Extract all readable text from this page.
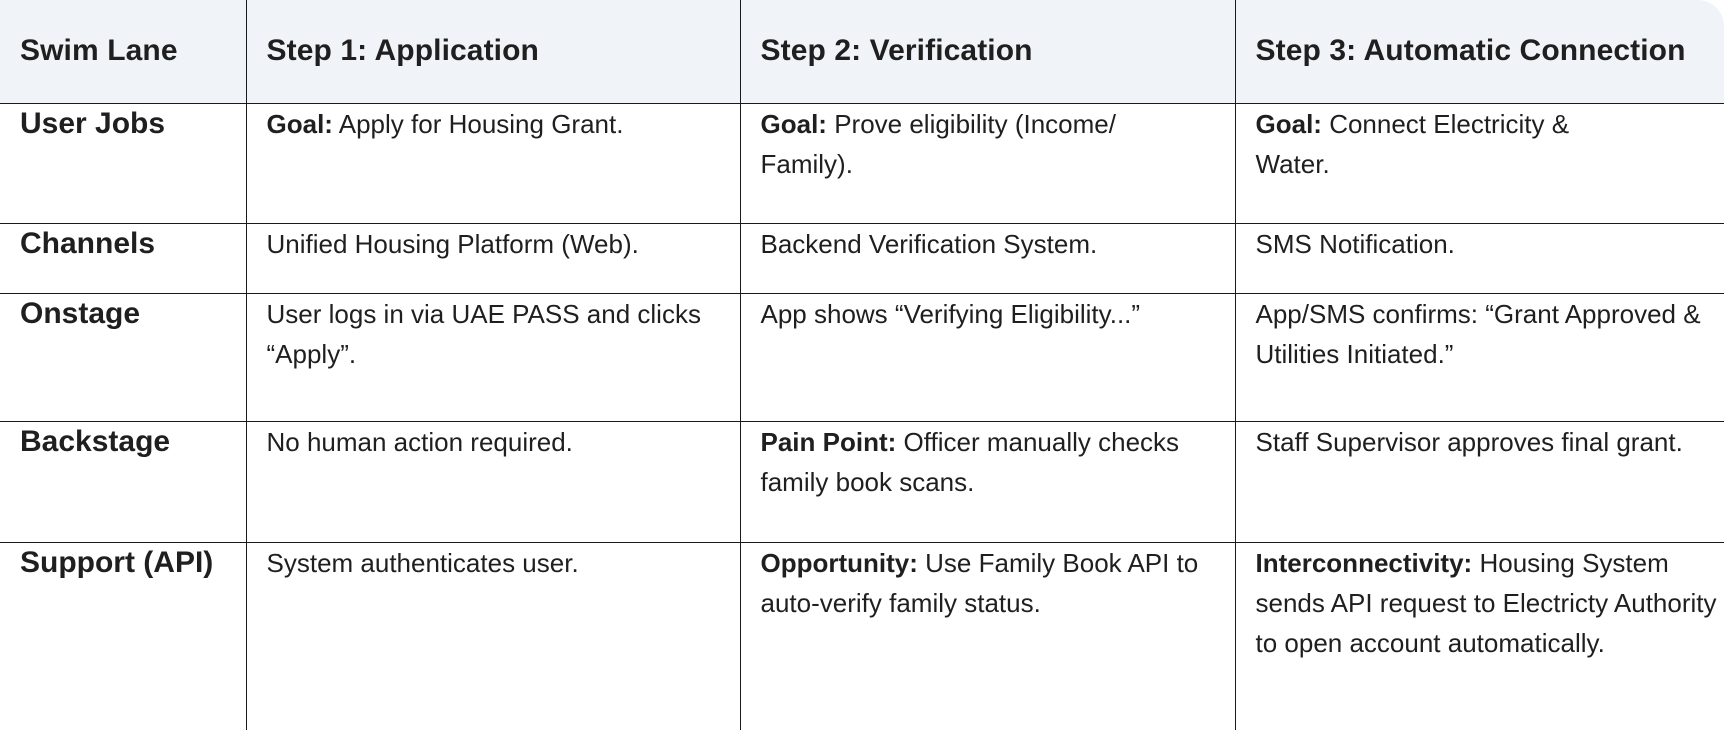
Swim Lane	Step 1: Application	Step 2: Verification	Step 3: Automatic Connection
User Jobs	Goal: Apply for Housing Grant.	Goal: Prove eligibility (Income/ Family).	Goal: Connect Electricity & Water.
Channels	Unified Housing Platform (Web).	Backend Verification System.	SMS Notification.
Onstage	User logs in via UAE PASS and clicks “Apply”.	App shows “Verifying Eligibility...”	App/SMS confirms: “Grant Approved & Utilities Initiated.”
Backstage	No human action required.	Pain Point: Officer manually checks family book scans.	Staff Supervisor approves final grant.
Support (API)	System authenticates user.	Opportunity: Use Family Book API to auto-verify family status.	Interconnectivity: Housing System sends API request to Electricty Authority to open account automatically.
